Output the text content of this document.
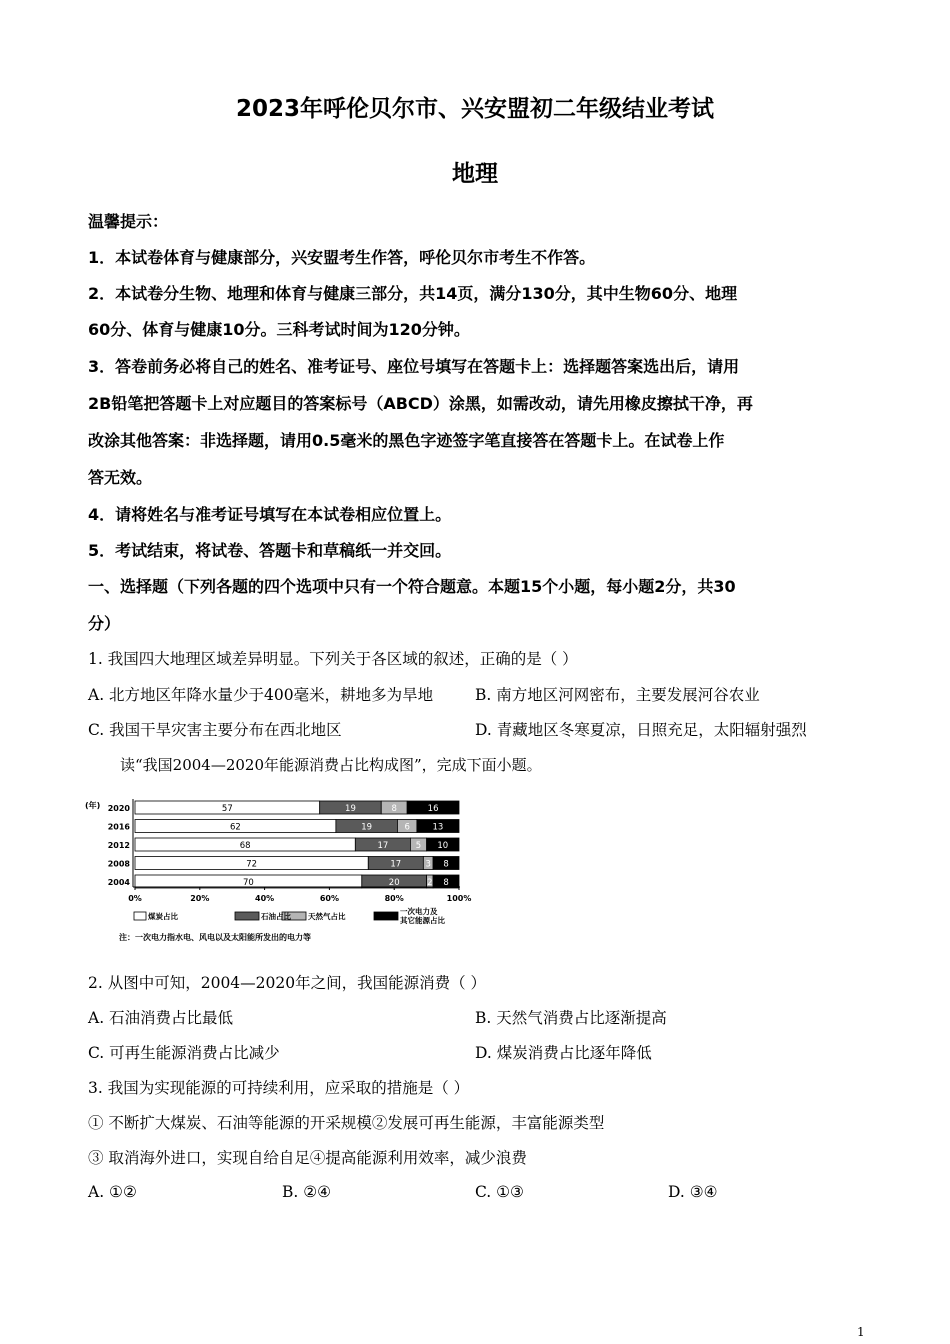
2023年呼伦贝尔市、兴安盟初二年级结业考试
地理
温馨提示：
1．本试卷体育与健康部分，兴安盟考生作答，呼伦贝尔市考生不作答。
2．本试卷分生物、地理和体育与健康三部分，共14页，满分130分，其中生物60分、地理
60分、体育与健康10分。三科考试时间为120分钟。
3．答卷前务必将自己的姓名、准考证号、座位号填写在答题卡上：选择题答案选出后，请用
2B铅笔把答题卡上对应题目的答案标号（ABCD）涂黑，如需改动，请先用橡皮擦拭干净，再
改涂其他答案：非选择题，请用0.5毫米的黑色字迹签字笔直接答在答题卡上。在试卷上作
答无效。
4．请将姓名与准考证号填写在本试卷相应位置上。
5．考试结束，将试卷、答题卡和草稿纸一并交回。
一、选择题（下列各题的四个选项中只有一个符合题意。本题15个小题，每小题2分，共30
分）
1. 我国四大地理区域差异明显。下列关于各区域的叙述，正确的是（ ）
A. 北方地区年降水量少于400毫米，耕地多为旱地	B. 南方地区河网密布，主要发展河谷农业
C. 我国干旱灾害主要分布在西北地区	D. 青藏地区冬寒夏凉，日照充足，太阳辐射强烈
读“我国2004—2020年能源消费占比构成图”，完成下面小题。
(年) 2020	57	19	8	16
2016	62	19	6	13
2012	68	17	5 10
2008	72	17	3 8
2004	70	20	2 8
0%	20%	40%	60%	80%	100%
煤炭占比	石油占比 天然气占比
一次电力及
其它能源占比
注：一次电力指水电、风电以及太阳能所发出的电力等
2. 从图中可知，2004—2020年之间，我国能源消费（ ）
A. 石油消费占比最低	B. 天然气消费占比逐渐提高
C. 可再生能源消费占比减少	D. 煤炭消费占比逐年降低
3. 我国为实现能源的可持续利用，应采取的措施是（ ）
① 不断扩大煤炭、石油等能源的开采规模②发展可再生能源，丰富能源类型
③ 取消海外进口，实现自给自足④提高能源利用效率，减少浪费
A. ①②	B. ②④	C. ①③	D. ③④
1
